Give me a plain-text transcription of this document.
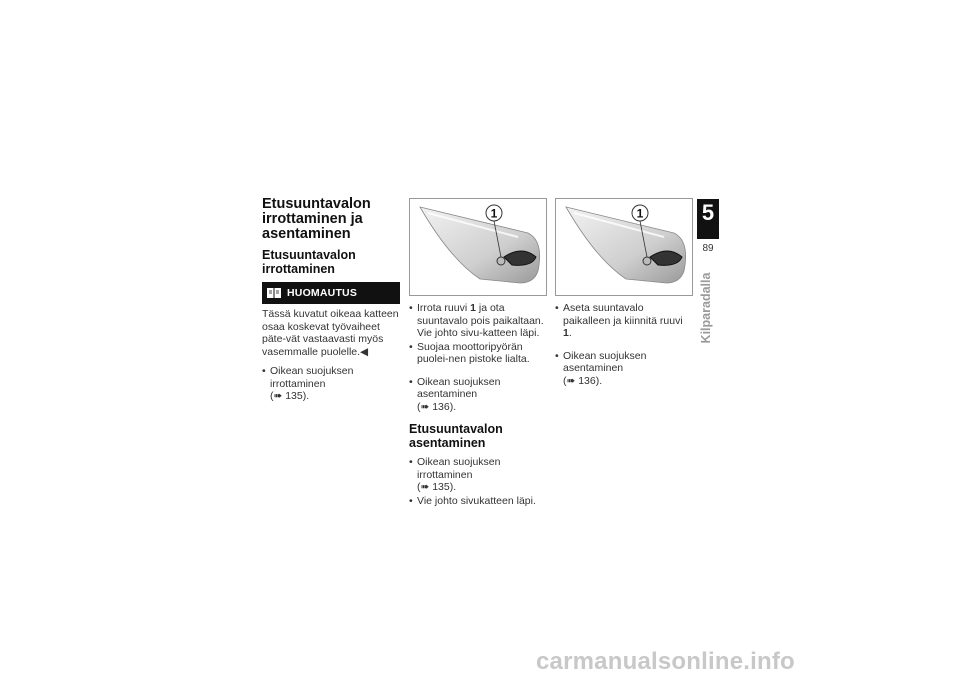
Etusuuntavalon irrottaminen ja asentaminen
Etusuuntavalon irrottaminen
HUOMAUTUS

Tässä kuvatut oikeaa katteen osaa koskevat työvaiheet päte-vät vastaavasti myös vasemmalle puolelle.◀

• Oikean suojuksen irrottaminen
(➠ 135).
1
• Irrota ruuvi 1 ja ota suuntavalo pois paikaltaan. Vie johto sivu-katteen läpi.
• Suojaa moottoripyörän puolei-nen pistoke lialta.
• Oikean suojuksen asentaminen
(➠ 136).
Etusuuntavalon asentaminen
• Oikean suojuksen irrottaminen
(➠ 135).
• Vie johto sivukatteen läpi.
1
• Aseta suuntavalo paikalleen ja kiinnitä ruuvi 1.
• Oikean suojuksen asentaminen
(➠ 136).
5
89
Kilparadalla
carmanualsonline.info
